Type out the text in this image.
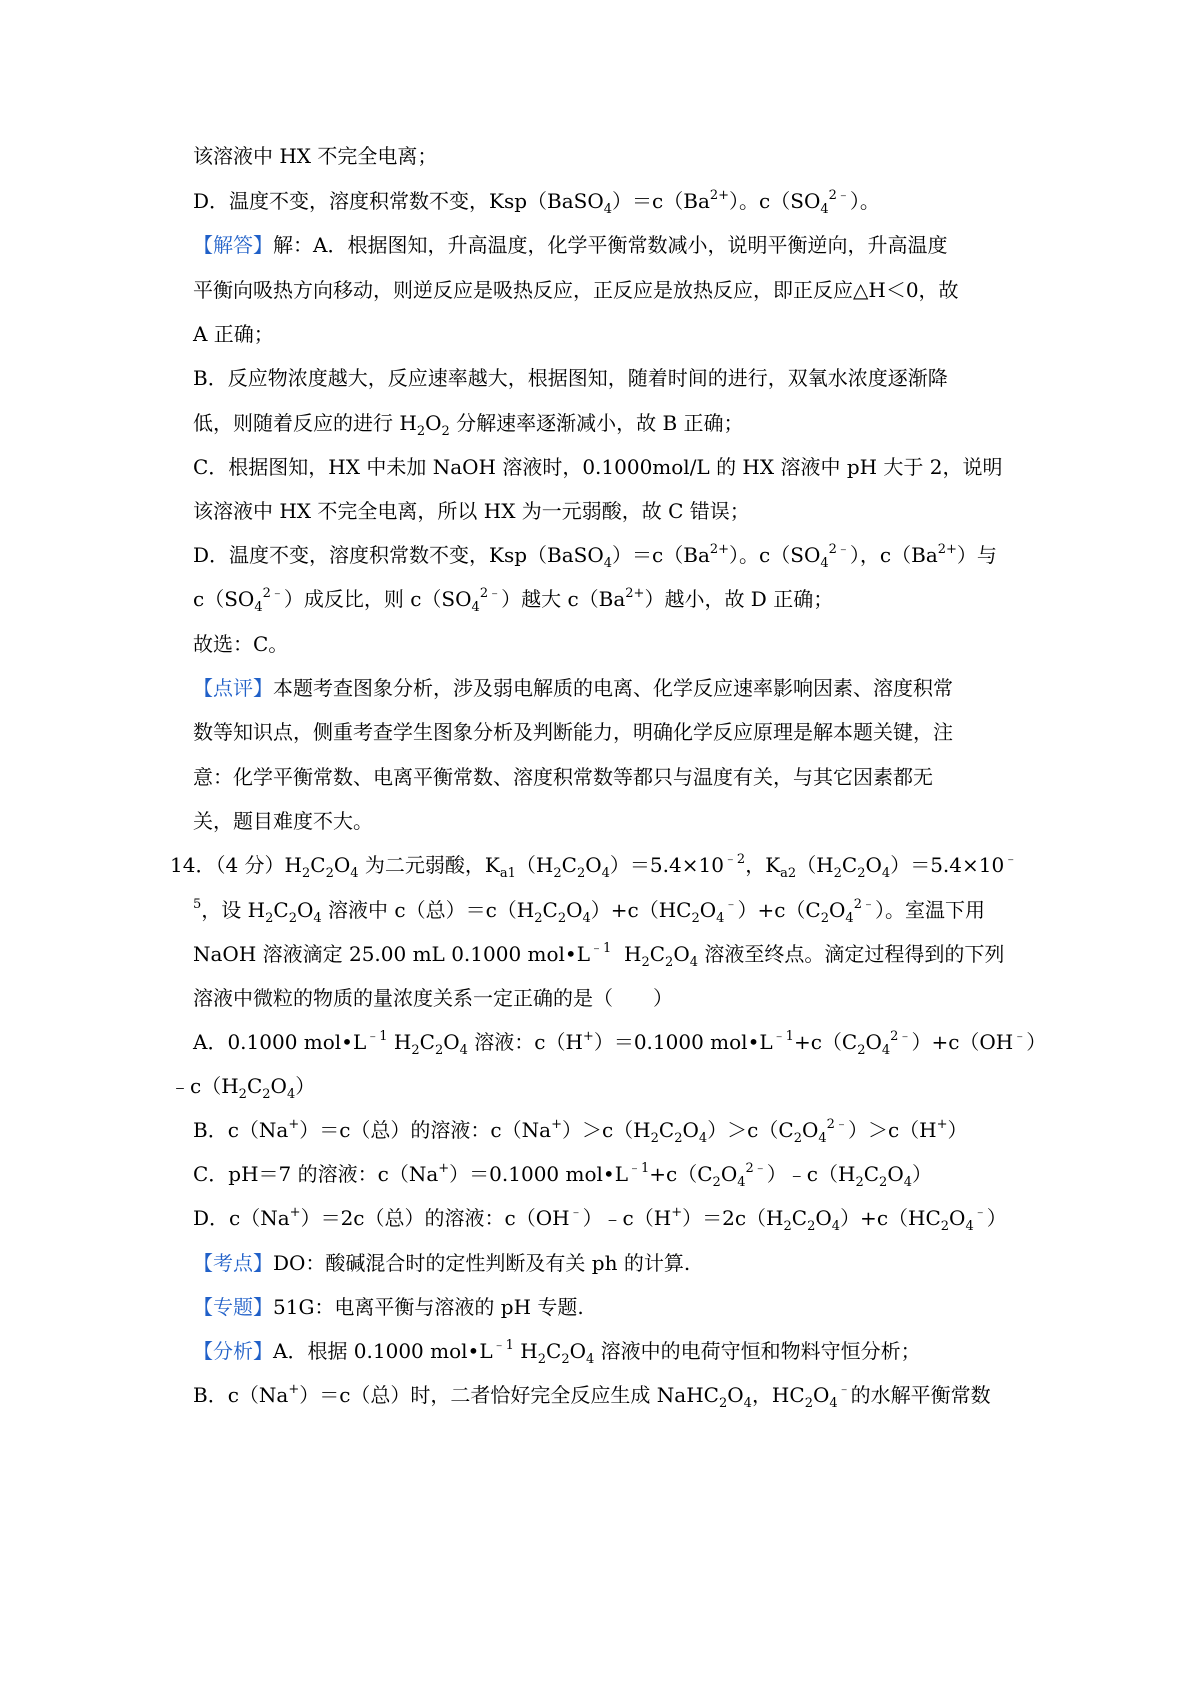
该溶液中 HX 不完全电离；
D．温度不变，溶度积常数不变，$Ksp(BaSO_4)=c(Ba^{2+})$。$c(SO_4^{2﹣})$。
【解答】解：A．根据图知，升高温度，化学平衡常数减小，说明平衡逆向，升高温度
平衡向吸热方向移动，则逆反应是吸热反应，正反应是放热反应，即正反应△H＜0，故
A 正确；
B．反应物浓度越大，反应速率越大，根据图知，随着时间的进行，双氧水浓度逐渐降
低，则随着反应的进行 $H_2O_2$ 分解速率逐渐减小，故 B 正确；
C．根据图知，HX 中未加 NaOH 溶液时，0.1000mol/L 的 HX 溶液中 pH 大于 2，说明
该溶液中 HX 不完全电离，所以 HX 为一元弱酸，故 C 错误；
D．温度不变，溶度积常数不变，$Ksp(BaSO_4)=c(Ba^{2+})$。$c(SO_4^{2﹣})$，$c(Ba^{2+})$与
$c(SO_4^{2﹣})$成反比，则 $c(SO_4^{2﹣})$越大 $c(Ba^{2+})$越小，故 D 正确；
故选：C。
【点评】本题考查图象分析，涉及弱电解质的电离、化学反应速率影响因素、溶度积常
数等知识点，侧重考查学生图象分析及判断能力，明确化学反应原理是解本题关键，注
意：化学平衡常数、电离平衡常数、溶度积常数等都只与温度有关，与其它因素都无
关，题目难度不大。
14．（4 分）$H_2C_2O_4$ 为二元弱酸，$K_{a1}(H_2C_2O_4)=5.4\times 10^{﹣2}$，$K_{a2}(H_2C_2O_4)=5.4\times 10^﹣$
$^5$，设 $H_2C_2O_4$ 溶液中 c（总）$=c(H_2C_2O_4)+c(HC_2O_4^﹣)+c(C_2O_4^{2﹣})$。室温下用
NaOH 溶液滴定 25.00 mL 0.1000 $mol•L^{﹣1}$  $H_2C_2O_4$ 溶液至终点。滴定过程得到的下列
溶液中微粒的物质的量浓度关系一定正确的是（　　）
A．0.1000 $mol•L^{﹣1}$ $H_2C_2O_4$ 溶液：c（H+）＝0.1000 $mol•L^{﹣1}+c(C_2O_4^{2﹣})+c(OH^﹣)$
$﹣c(H_2C_2O_4)$
B．c（Na+）＝c（总）的溶液：$c(Na^+)>c(H_2C_2O_4)>c(C_2O_4^{2﹣})>c(H^+)$
C．pH＝7 的溶液：c（Na+）＝0.1000 $mol•L^{﹣1}+c(C_2O_4^{2﹣})﹣c(H_2C_2O_4)$
D．c（Na+）＝2c（总）的溶液：$c(OH^﹣)﹣c(H^+)=2c(H_2C_2O_4)+c(HC_2O_4^﹣)$
【考点】DO：酸碱混合时的定性判断及有关 ph 的计算.
【专题】51G：电离平衡与溶液的 pH 专题.
【分析】A．根据 0.1000 $mol•L^{﹣1}$ $H_2C_2O_4$ 溶液中的电荷守恒和物料守恒分析；
B．c（Na+）＝c（总）时，二者恰好完全反应生成 $NaHC_2O_4$，$HC_2O_4^﹣$的水解平衡常数
